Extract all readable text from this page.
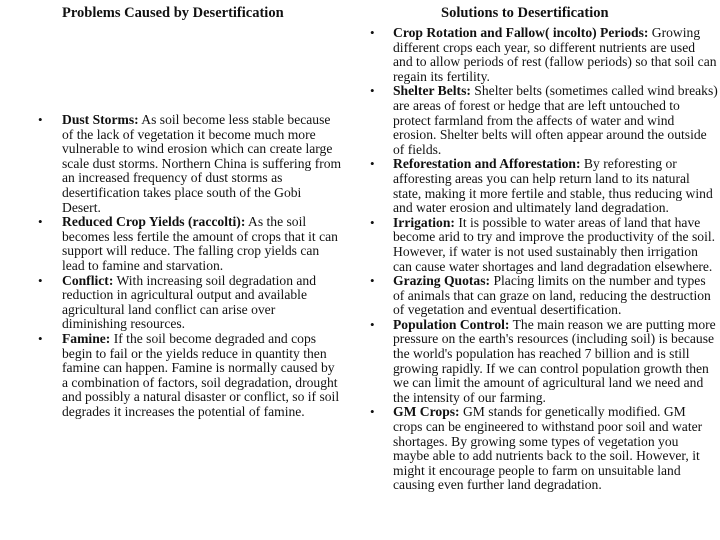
Problems Caused by Desertification
• Dust Storms: As soil become less stable because of the lack of vegetation it become much more vulnerable to wind erosion which can create large scale dust storms. Northern China is suffering from an increased frequency of dust storms as desertification takes place south of the Gobi Desert.
• Reduced Crop Yields (raccolti): As the soil becomes less fertile the amount of crops that it can support will reduce. The falling crop yields can lead to famine and starvation.
• Conflict: With increasing soil degradation and reduction in agricultural output and available agricultural land conflict can arise over diminishing resources.
• Famine: If the soil become degraded and cops begin to fail or the yields reduce in quantity then famine can happen. Famine is normally caused by a combination of factors, soil degradation, drought and possibly a natural disaster or conflict, so if soil degrades it increases the potential of famine.
Solutions to Desertification
• Crop Rotation and Fallow( incolto) Periods: Growing different crops each year, so different nutrients are used and to allow periods of rest (fallow periods) so that soil can regain its fertility.
• Shelter Belts: Shelter belts (sometimes called wind breaks) are areas of forest or hedge that are left untouched to protect farmland from the affects of water and wind erosion. Shelter belts will often appear around the outside of fields.
• Reforestation and Afforestation: By reforesting or afforesting areas you can help return land to its natural state, making it more fertile and stable, thus reducing wind and water erosion and ultimately land degradation.
• Irrigation: It is possible to water areas of land that have become arid to try and improve the productivity of the soil. However, if water is not used sustainably then irrigation can cause water shortages and land degradation elsewhere.
• Grazing Quotas: Placing limits on the number and types of animals that can graze on land, reducing the destruction of vegetation and eventual desertification.
• Population Control: The main reason we are putting more pressure on the earth's resources (including soil) is because the world's population has reached 7 billion and is still growing rapidly. If we can control population growth then we can limit the amount of agricultural land we need and the intensity of our farming.
• GM Crops: GM stands for genetically modified. GM crops can be engineered to withstand poor soil and water shortages. By growing some types of vegetation you maybe able to add nutrients back to the soil. However, it might it encourage people to farm on unsuitable land causing even further land degradation.
